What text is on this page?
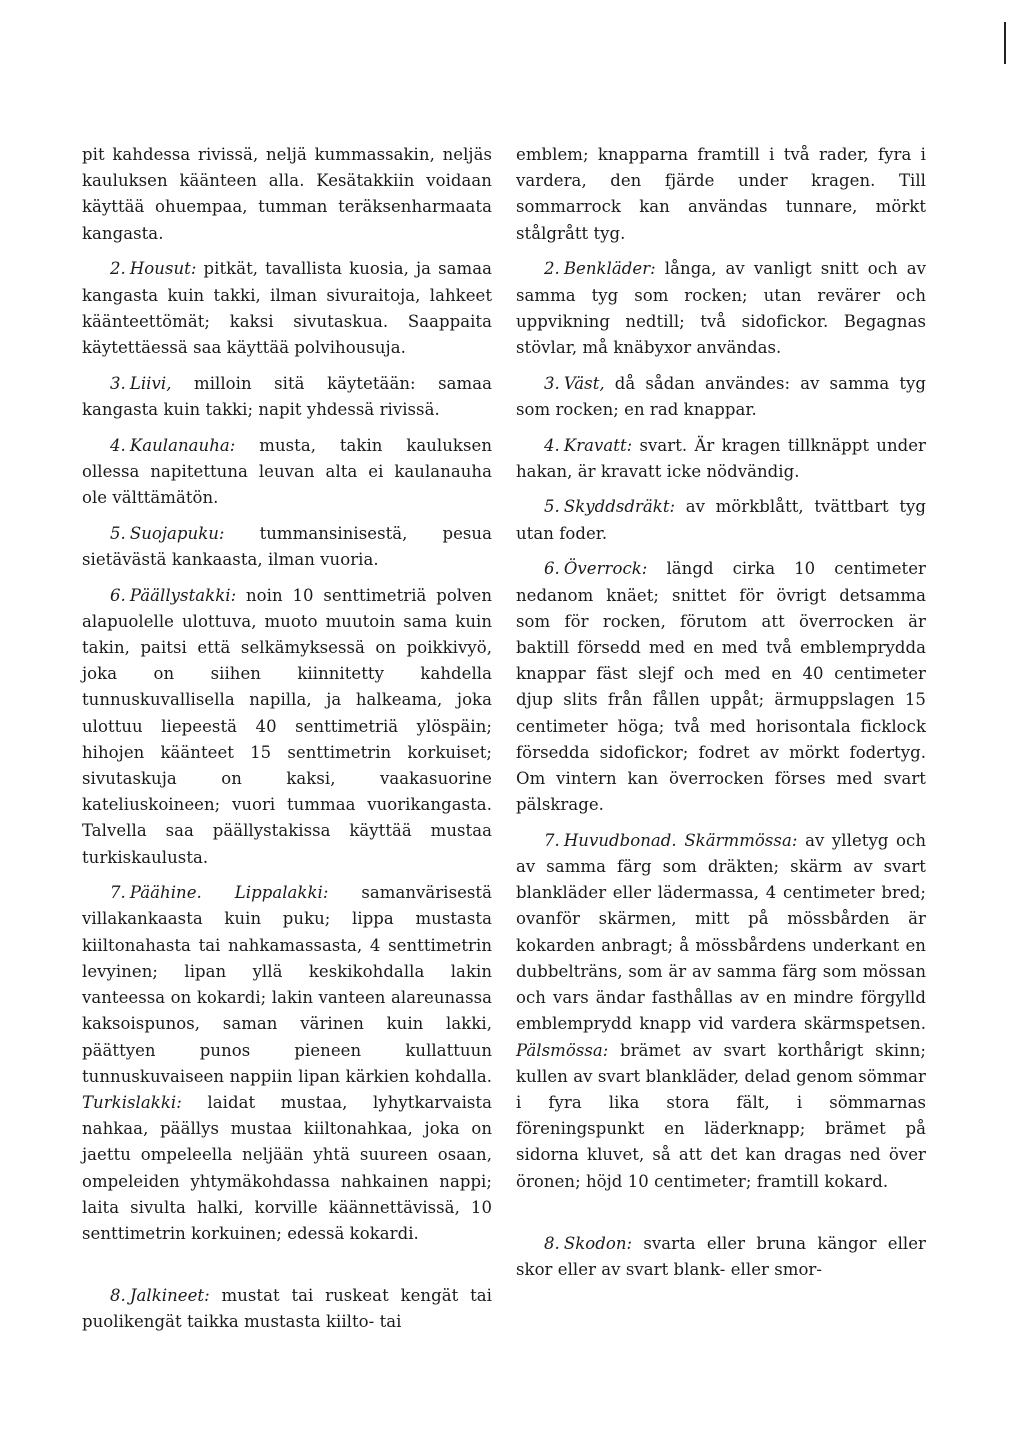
pit kahdessa rivissä, neljä kummassakin, neljäs kauluksen käänteen alla. Kesätakkiin voidaan käyttää ohuempaa, tumman teräksenharmaata kangasta.

2. Housut: pitkät, tavallista kuosia, ja samaa kangasta kuin takki, ilman sivuraitoja, lahkeet käänteettömät; kaksi sivutaskua. Saappaita käytettäessä saa käyttää polvihousuja.

3. Liivi, milloin sitä käytetään: samaa kangasta kuin takki; napit yhdessä rivissä.

4. Kaulanauha: musta, takin kauluksen ollessa napitettuna leuvan alta ei kaulanauha ole välttämätön.

5. Suojapuku: tummansinisestä, pesua sietävästä kankaasta, ilman vuoria.

6. Päällystakki: noin 10 senttimetriä polven alapuolelle ulottuva, muoto muutoin sama kuin takin, paitsi että selkämyksessä on poikkivyö, joka on siihen kiinnitetty kahdella tunnuskuvallisella napilla, ja halkeama, joka ulottuu liepeestä 40 senttimetriä ylöspäin; hihojen käänteet 15 senttimetrin korkuiset; sivutaskuja on kaksi, vaakasuorine kateliuskoineen; vuori tummaa vuorikangasta. Talvella saa päällystakissa käyttää mustaa turkiskaulusta.

7. Päähine. Lippalakki: samanvärisestä villakankaasta kuin puku; lippa mustasta kiiltonahasta tai nahkamassasta, 4 senttimetrin levyinen; lipan yllä keskikohdalla lakin vanteessa on kokardi; lakin vanteen alareunassa kaksoispunos, saman värinen kuin lakki, päättyen punos pieneen kullattuun tunnuskuvaiseen nappiin lipan kärkien kohdalla. Turkislakki: laidat mustaa, lyhytkarvaista nahkaa, päällys mustaa kiiltonahkaa, joka on jaettu ompeleella neljään yhtä suureen osaan, ompeleiden yhtymäkohdassa nahkainen nappi; laita sivulta halki, korville käännettävissä, 10 senttimetrin korkuinen; edessä kokardi.

8. Jalkineet: mustat tai ruskeat kengät tai puolikengät taikka mustasta kiilto- tai

emblem; knapparna framtill i två rader, fyra i vardera, den fjärde under kragen. Till sommarrock kan användas tunnare, mörkt stålgrått tyg.

2. Benkläder: långa, av vanligt snitt och av samma tyg som rocken; utan revärer och uppvikning nedtill; två sidofickor. Begagnas stövlar, må knäbyxor användas.

3. Väst, då sådan användes: av samma tyg som rocken; en rad knappar.

4. Kravatt: svart. Är kragen tillknäppt under hakan, är kravatt icke nödvändig.

5. Skyddsdräkt: av mörkblått, tvättbart tyg utan foder.

6. Överrock: längd cirka 10 centimeter nedanom knäet; snittet för övrigt detsamma som för rocken, förutom att överrocken är baktill försedd med en med två emblemprydda knappar fäst slejf och med en 40 centimeter djup slits från fållen uppåt; ärmuppslagen 15 centimeter höga; två med horisontala ficklock försedda sidofickor; fodret av mörkt fodertyg. Om vintern kan överrocken förses med svart pälskrage.

7. Huvudbonad. Skärmmössa: av ylletyg och av samma färg som dräkten; skärm av svart blankläder eller lädermassa, 4 centimeter bred; ovanför skärmen, mitt på mössbården är kokarden anbragt; å mössbårdens underkant en dubbelträns, som är av samma färg som mössan och vars ändar fasthållas av en mindre förgylld emblemprydd knapp vid vardera skärmspetsen. Pälsmössa: brämet av svart korthårigt skinn; kullen av svart blankläder, delad genom sömmar i fyra lika stora fält, i sömmarnas föreningspunkt en läderknapp; brämet på sidorna kluvet, så att det kan dragas ned över öronen; höjd 10 centimeter; framtill kokard.

8. Skodon: svarta eller bruna kängor eller skor eller av svart blank- eller smor-
